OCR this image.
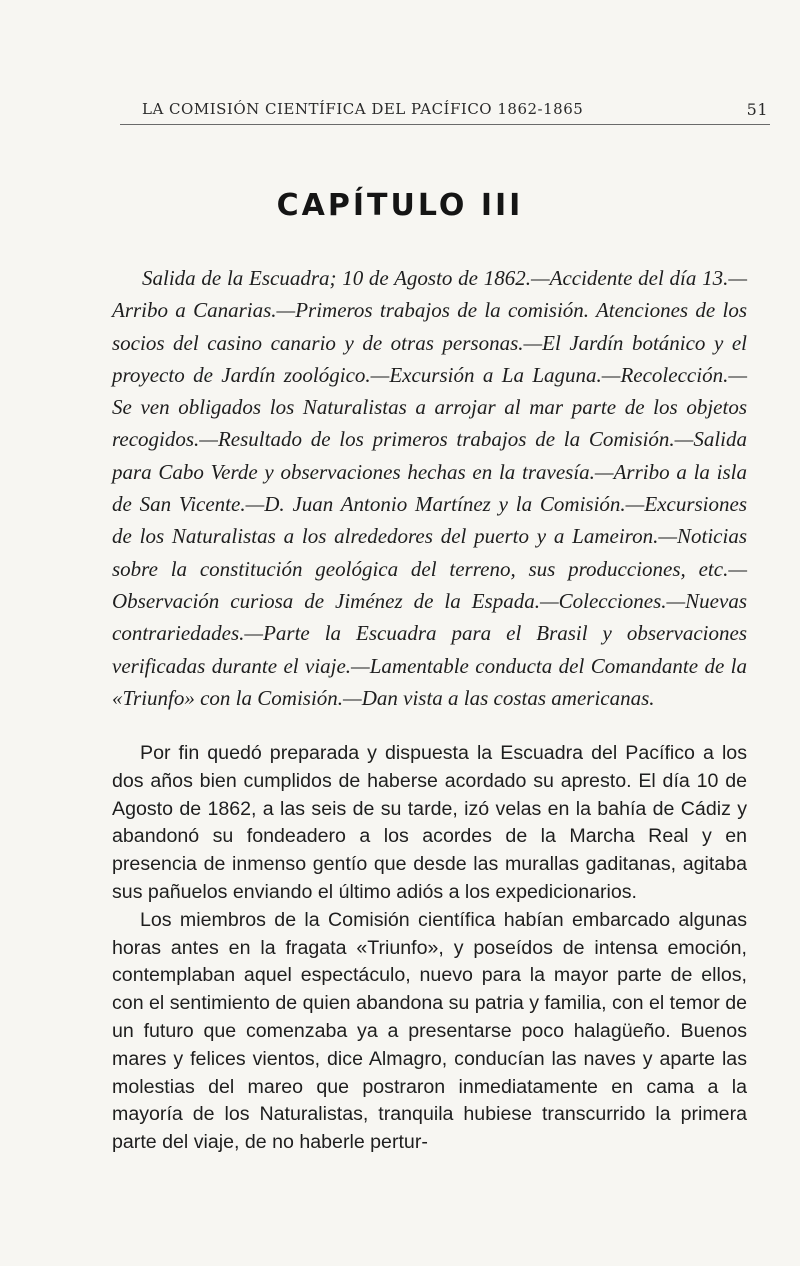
LA COMISIÓN CIENTÍFICA DEL PACÍFICO 1862-1865	51
CAPÍTULO III
Salida de la Escuadra; 10 de Agosto de 1862.—Accidente del día 13.—Arribo a Canarias.—Primeros trabajos de la comisión. Atenciones de los socios del casino canario y de otras personas.—El Jardín botánico y el proyecto de Jardín zoológico.—Excursión a La Laguna.—Recolección.—Se ven obligados los Naturalistas a arrojar al mar parte de los objetos recogidos.—Resultado de los primeros trabajos de la Comisión.—Salida para Cabo Verde y observaciones hechas en la travesía.—Arribo a la isla de San Vicente.—D. Juan Antonio Martínez y la Comisión.—Excursiones de los Naturalistas a los alrededores del puerto y a Lameiron.—Noticias sobre la constitución geológica del terreno, sus producciones, etc.—Observación curiosa de Jiménez de la Espada.—Colecciones.—Nuevas contrariedades.—Parte la Escuadra para el Brasil y observaciones verificadas durante el viaje.—Lamentable conducta del Comandante de la «Triunfo» con la Comisión.—Dan vista a las costas americanas.

Por fin quedó preparada y dispuesta la Escuadra del Pacífico a los dos años bien cumplidos de haberse acordado su apresto. El día 10 de Agosto de 1862, a las seis de su tarde, izó velas en la bahía de Cádiz y abandonó su fondeadero a los acordes de la Marcha Real y en presencia de inmenso gentío que desde las murallas gaditanas, agitaba sus pañuelos enviando el último adiós a los expedicionarios.

Los miembros de la Comisión científica habían embarcado algunas horas antes en la fragata «Triunfo», y poseídos de intensa emoción, contemplaban aquel espectáculo, nuevo para la mayor parte de ellos, con el sentimiento de quien abandona su patria y familia, con el temor de un futuro que comenzaba ya a presentarse poco halagüeño. Buenos mares y felices vientos, dice Almagro, conducían las naves y aparte las molestias del mareo que postraron inmediatamente en cama a la mayoría de los Naturalistas, tranquila hubiese transcurrido la primera parte del viaje, de no haberle pertur-
